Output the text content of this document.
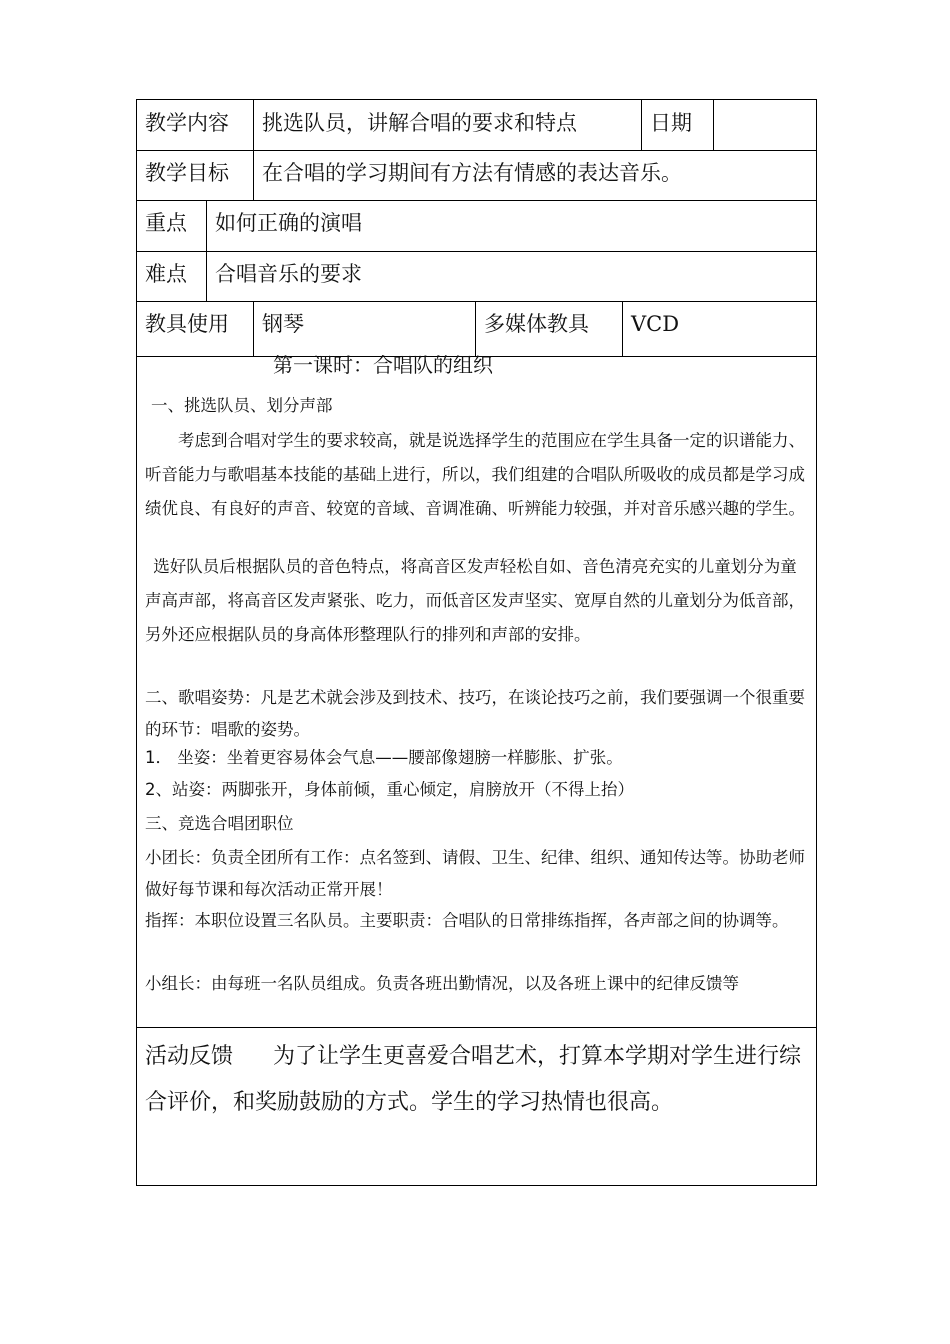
教学内容 挑选队员，讲解合唱的要求和特点	日期
教学目标 在合唱的学习期间有方法有情感的表达音乐。
重点 如何正确的演唱
难点 合唱音乐的要求
教具使用 钢琴	多媒体教具 VCD
第一课时：合唱队的组织

一、挑选队员、划分声部

考虑到合唱对学生的要求较高，就是说选择学生的范围应在学生具备一定的识谱能力、听音能力与歌唱基本技能的基础上进行，所以，我们组建的合唱队所吸收的成员都是学习成绩优良、有良好的声音、较宽的音域、音调准确、听辨能力较强，并对音乐感兴趣的学生。

选好队员后根据队员的音色特点，将高音区发声轻松自如、音色清亮充实的儿童划分为童声高声部，将高音区发声紧张、吃力，而低音区发声坚实、宽厚自然的儿童划分为低音部，另外还应根据队员的身高体形整理队行的排列和声部的安排。

二、歌唱姿势：凡是艺术就会涉及到技术、技巧，在谈论技巧之前，我们要强调一个很重要的环节：唱歌的姿势。

1． 坐姿：坐着更容易体会气息——腰部像翅膀一样膨胀、扩张。

2、站姿：两脚张开，身体前倾，重心倾定，肩膀放开（不得上抬）

三、竞选合唱团职位

小团长：负责全团所有工作：点名签到、请假、卫生、纪律、组织、通知传达等。协助老师做好每节课和每次活动正常开展！

指挥：本职位设置三名队员。主要职责：合唱队的日常排练指挥，各声部之间的协调等。

小组长：由每班一名队员组成。负责各班出勤情况，以及各班上课中的纪律反馈等

活动反馈 为了让学生更喜爱合唱艺术，打算本学期对学生进行综合评价，和奖励鼓励的方式。学生的学习热情也很高。
